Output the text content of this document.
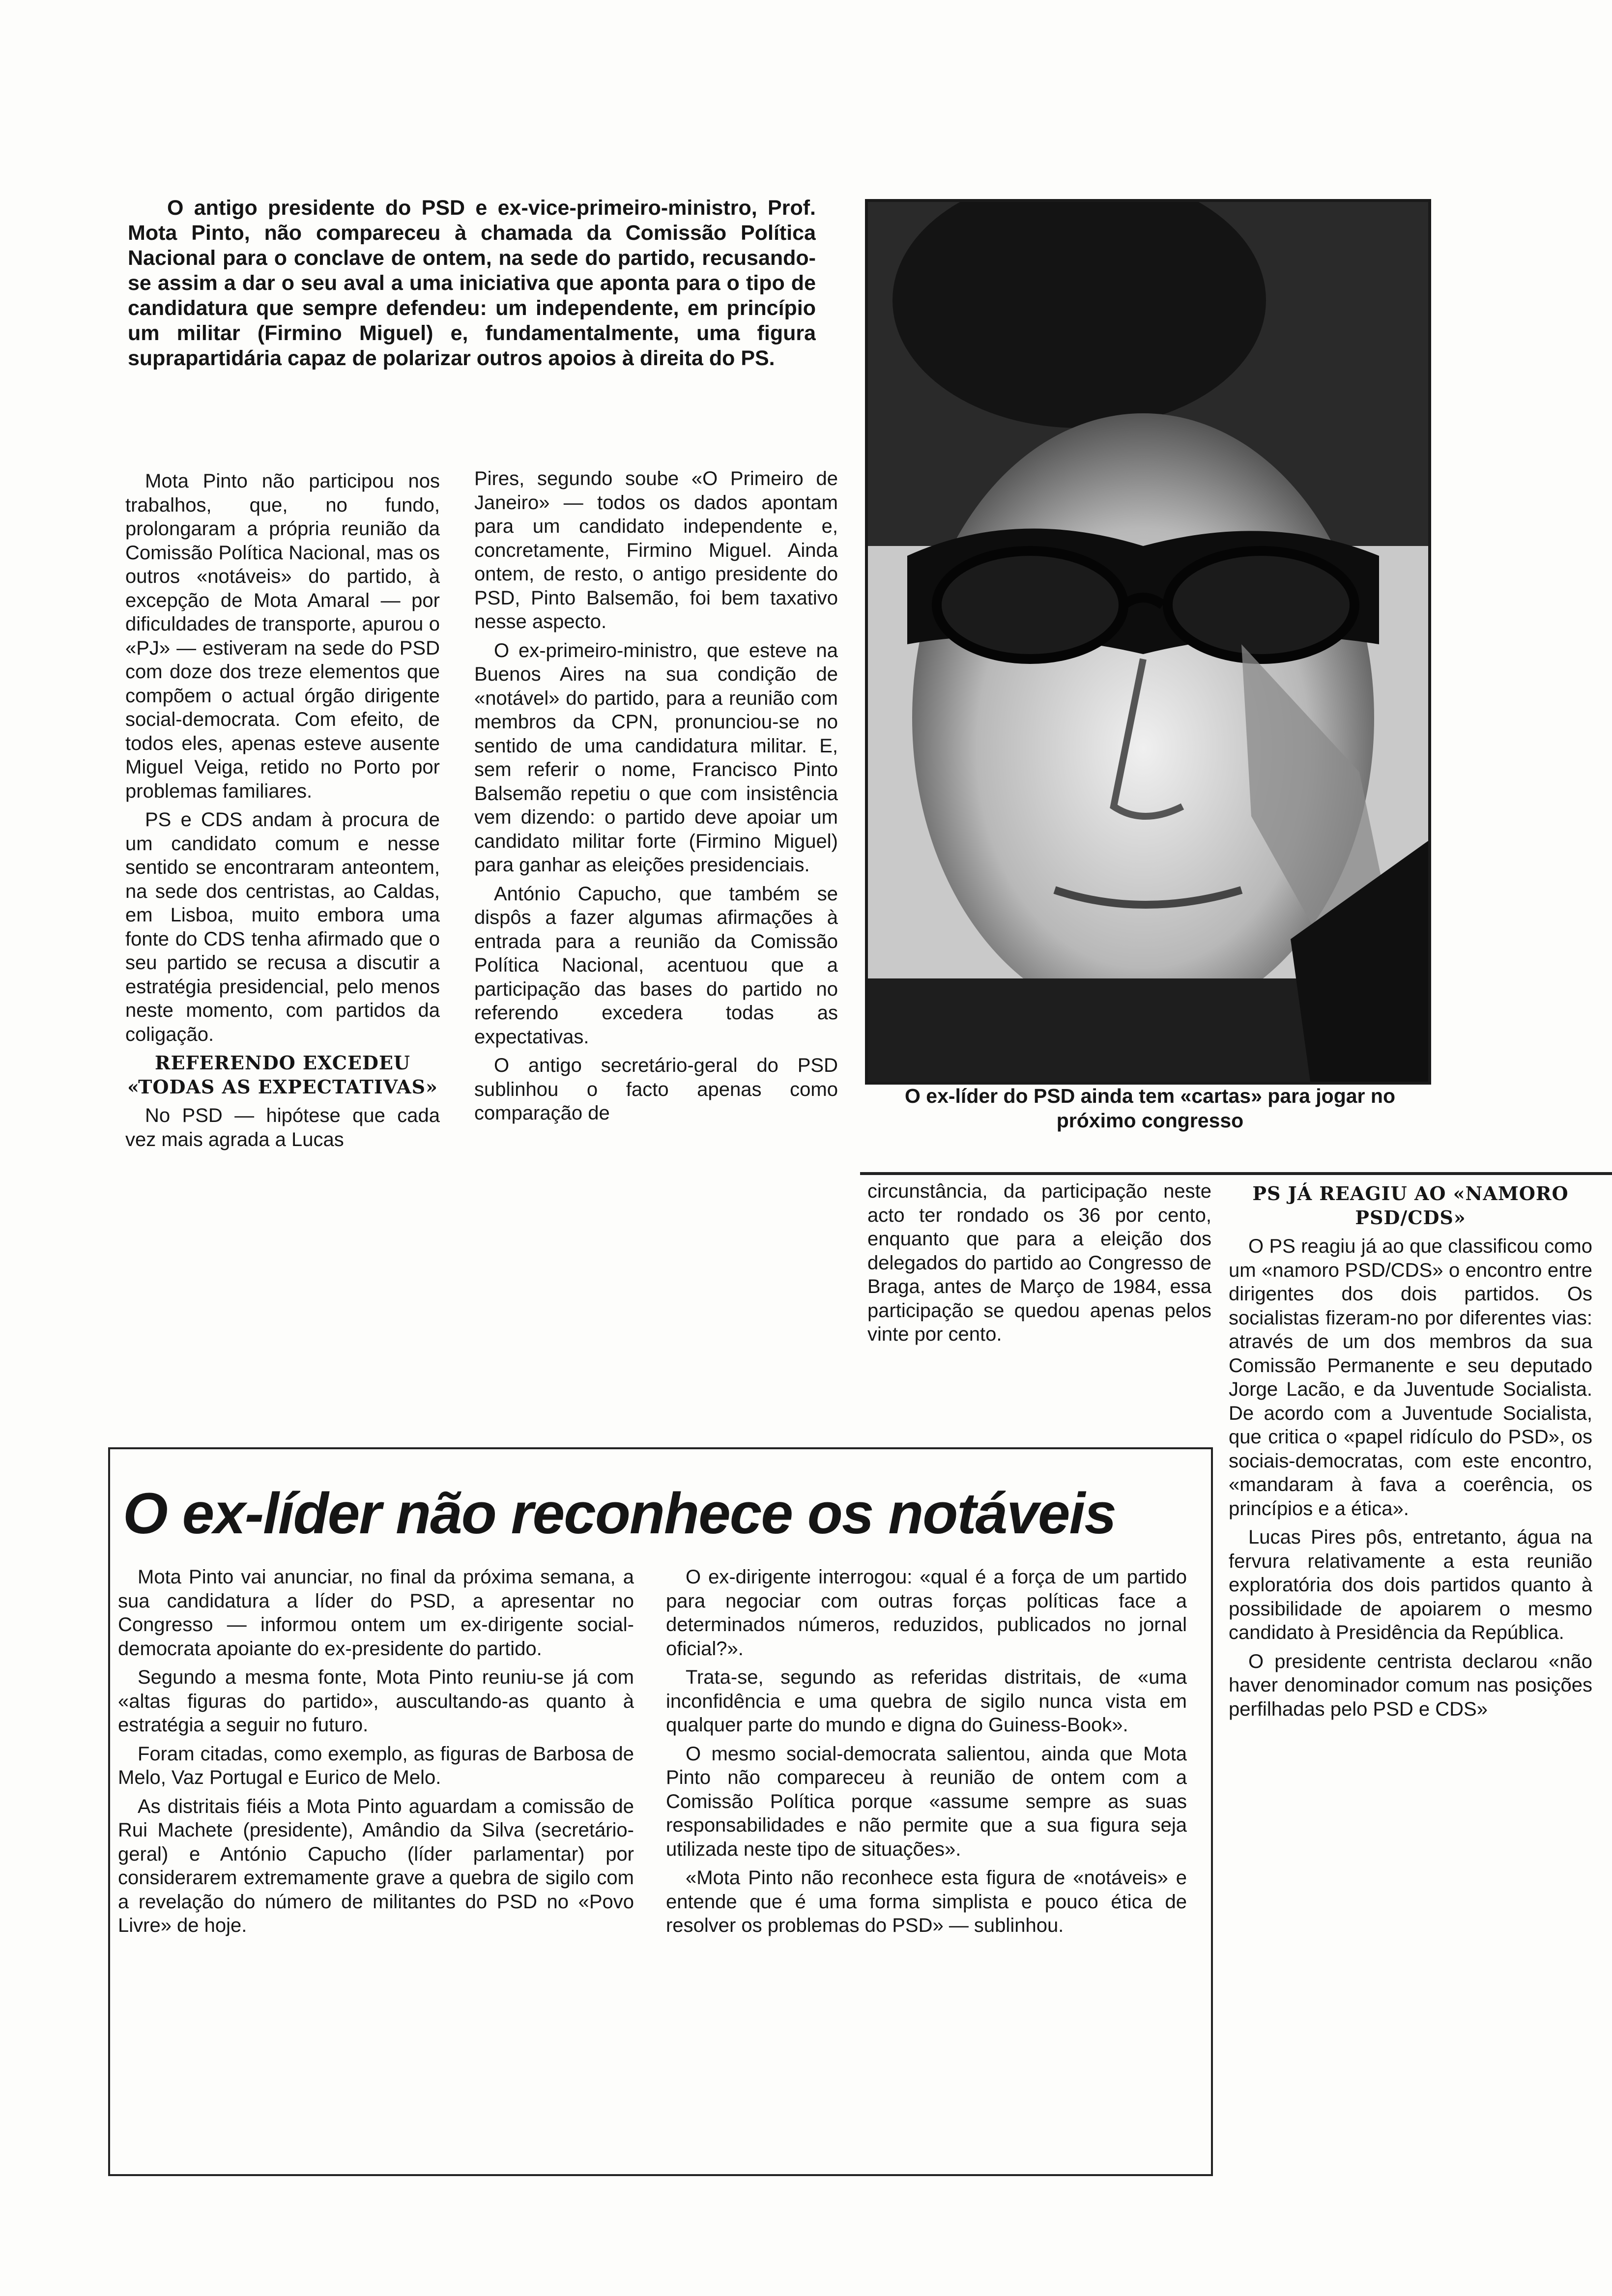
O antigo presidente do PSD e ex-vice-primeiro-ministro, Prof. Mota Pinto, não compareceu à chamada da Comissão Política Nacional para o conclave de ontem, na sede do partido, recusando-se assim a dar o seu aval a uma iniciativa que aponta para o tipo de candidatura que sempre defendeu: um independente, em princípio um militar (Firmino Miguel) e, fundamentalmente, uma figura suprapartidária capaz de polarizar outros apoios à direita do PS.

Mota Pinto não participou nos trabalhos, que, no fundo, prolongaram a própria reunião da Comissão Política Nacional, mas os outros «notáveis» do partido, à excepção de Mota Amaral — por dificuldades de transporte, apurou o «PJ» — estiveram na sede do PSD com doze dos treze elementos que compõem o actual órgão dirigente social-democrata. Com efeito, de todos eles, apenas esteve ausente Miguel Veiga, retido no Porto por problemas familiares.

PS e CDS andam à procura de um candidato comum e nesse sentido se encontraram anteontem, na sede dos centristas, ao Caldas, em Lisboa, muito embora uma fonte do CDS tenha afirmado que o seu partido se recusa a discutir a estratégia presidencial, pelo menos neste momento, com partidos da coligação.

REFERENDO EXCEDEU «TODAS AS EXPECTATIVAS»

No PSD — hipótese que cada vez mais agrada a Lucas

Pires, segundo soube «O Primeiro de Janeiro» — todos os dados apontam para um candidato independente e, concretamente, Firmino Miguel. Ainda ontem, de resto, o antigo presidente do PSD, Pinto Balsemão, foi bem taxativo nesse aspecto.

O ex-primeiro-ministro, que esteve na Buenos Aires na sua condição de «notável» do partido, para a reunião com membros da CPN, pronunciou-se no sentido de uma candidatura militar. E, sem referir o nome, Francisco Pinto Balsemão repetiu o que com insistência vem dizendo: o partido deve apoiar um candidato militar forte (Firmino Miguel) para ganhar as eleições presidenciais.

António Capucho, que também se dispôs a fazer algumas afirmações à entrada para a reunião da Comissão Política Nacional, acentuou que a participação das bases do partido no referendo excedera todas as expectativas.

O antigo secretário-geral do PSD sublinhou o facto apenas como comparação de

O ex-líder do PSD ainda tem «cartas» para jogar no próximo congresso

circunstância, da participação neste acto ter rondado os 36 por cento, enquanto que para a eleição dos delegados do partido ao Congresso de Braga, antes de Março de 1984, essa participação se quedou apenas pelos vinte por cento.

PS JÁ REAGIU AO «NAMORO PSD/CDS»

O PS reagiu já ao que classificou como um «namoro PSD/CDS» o encontro entre dirigentes dos dois partidos. Os socialistas fizeram-no por diferentes vias: através de um dos membros da sua Comissão Permanente e seu deputado Jorge Lacão, e da Juventude Socialista. De acordo com a Juventude Socialista, que critica o «papel ridículo do PSD», os sociais-democratas, com este encontro, «mandaram à fava a coerência, os princípios e a ética».

Lucas Pires pôs, entretanto, água na fervura relativamente a esta reunião exploratória dos dois partidos quanto à possibilidade de apoiarem o mesmo candidato à Presidência da República.

O presidente centrista declarou «não haver denominador comum nas posições perfilhadas pelo PSD e CDS»

O ex-líder não reconhece os notáveis

Mota Pinto vai anunciar, no final da próxima semana, a sua candidatura a líder do PSD, a apresentar no Congresso — informou ontem um ex-dirigente social-democrata apoiante do ex-presidente do partido.

Segundo a mesma fonte, Mota Pinto reuniu-se já com «altas figuras do partido», auscultando-as quanto à estratégia a seguir no futuro.

Foram citadas, como exemplo, as figuras de Barbosa de Melo, Vaz Portugal e Eurico de Melo.

As distritais fiéis a Mota Pinto aguardam a comissão de Rui Machete (presidente), Amândio da Silva (secretário-geral) e António Capucho (líder parlamentar) por considerarem extremamente grave a quebra de sigilo com a revelação do número de militantes do PSD no «Povo Livre» de hoje.

O ex-dirigente interrogou: «qual é a força de um partido para negociar com outras forças políticas face a determinados números, reduzidos, publicados no jornal oficial?».

Trata-se, segundo as referidas distritais, de «uma inconfidência e uma quebra de sigilo nunca vista em qualquer parte do mundo e digna do Guiness-Book».

O mesmo social-democrata salientou, ainda que Mota Pinto não compareceu à reunião de ontem com a Comissão Política porque «assume sempre as suas responsabilidades e não permite que a sua figura seja utilizada neste tipo de situações».

«Mota Pinto não reconhece esta figura de «notáveis» e entende que é uma forma simplista e pouco ética de resolver os problemas do PSD» — sublinhou.
